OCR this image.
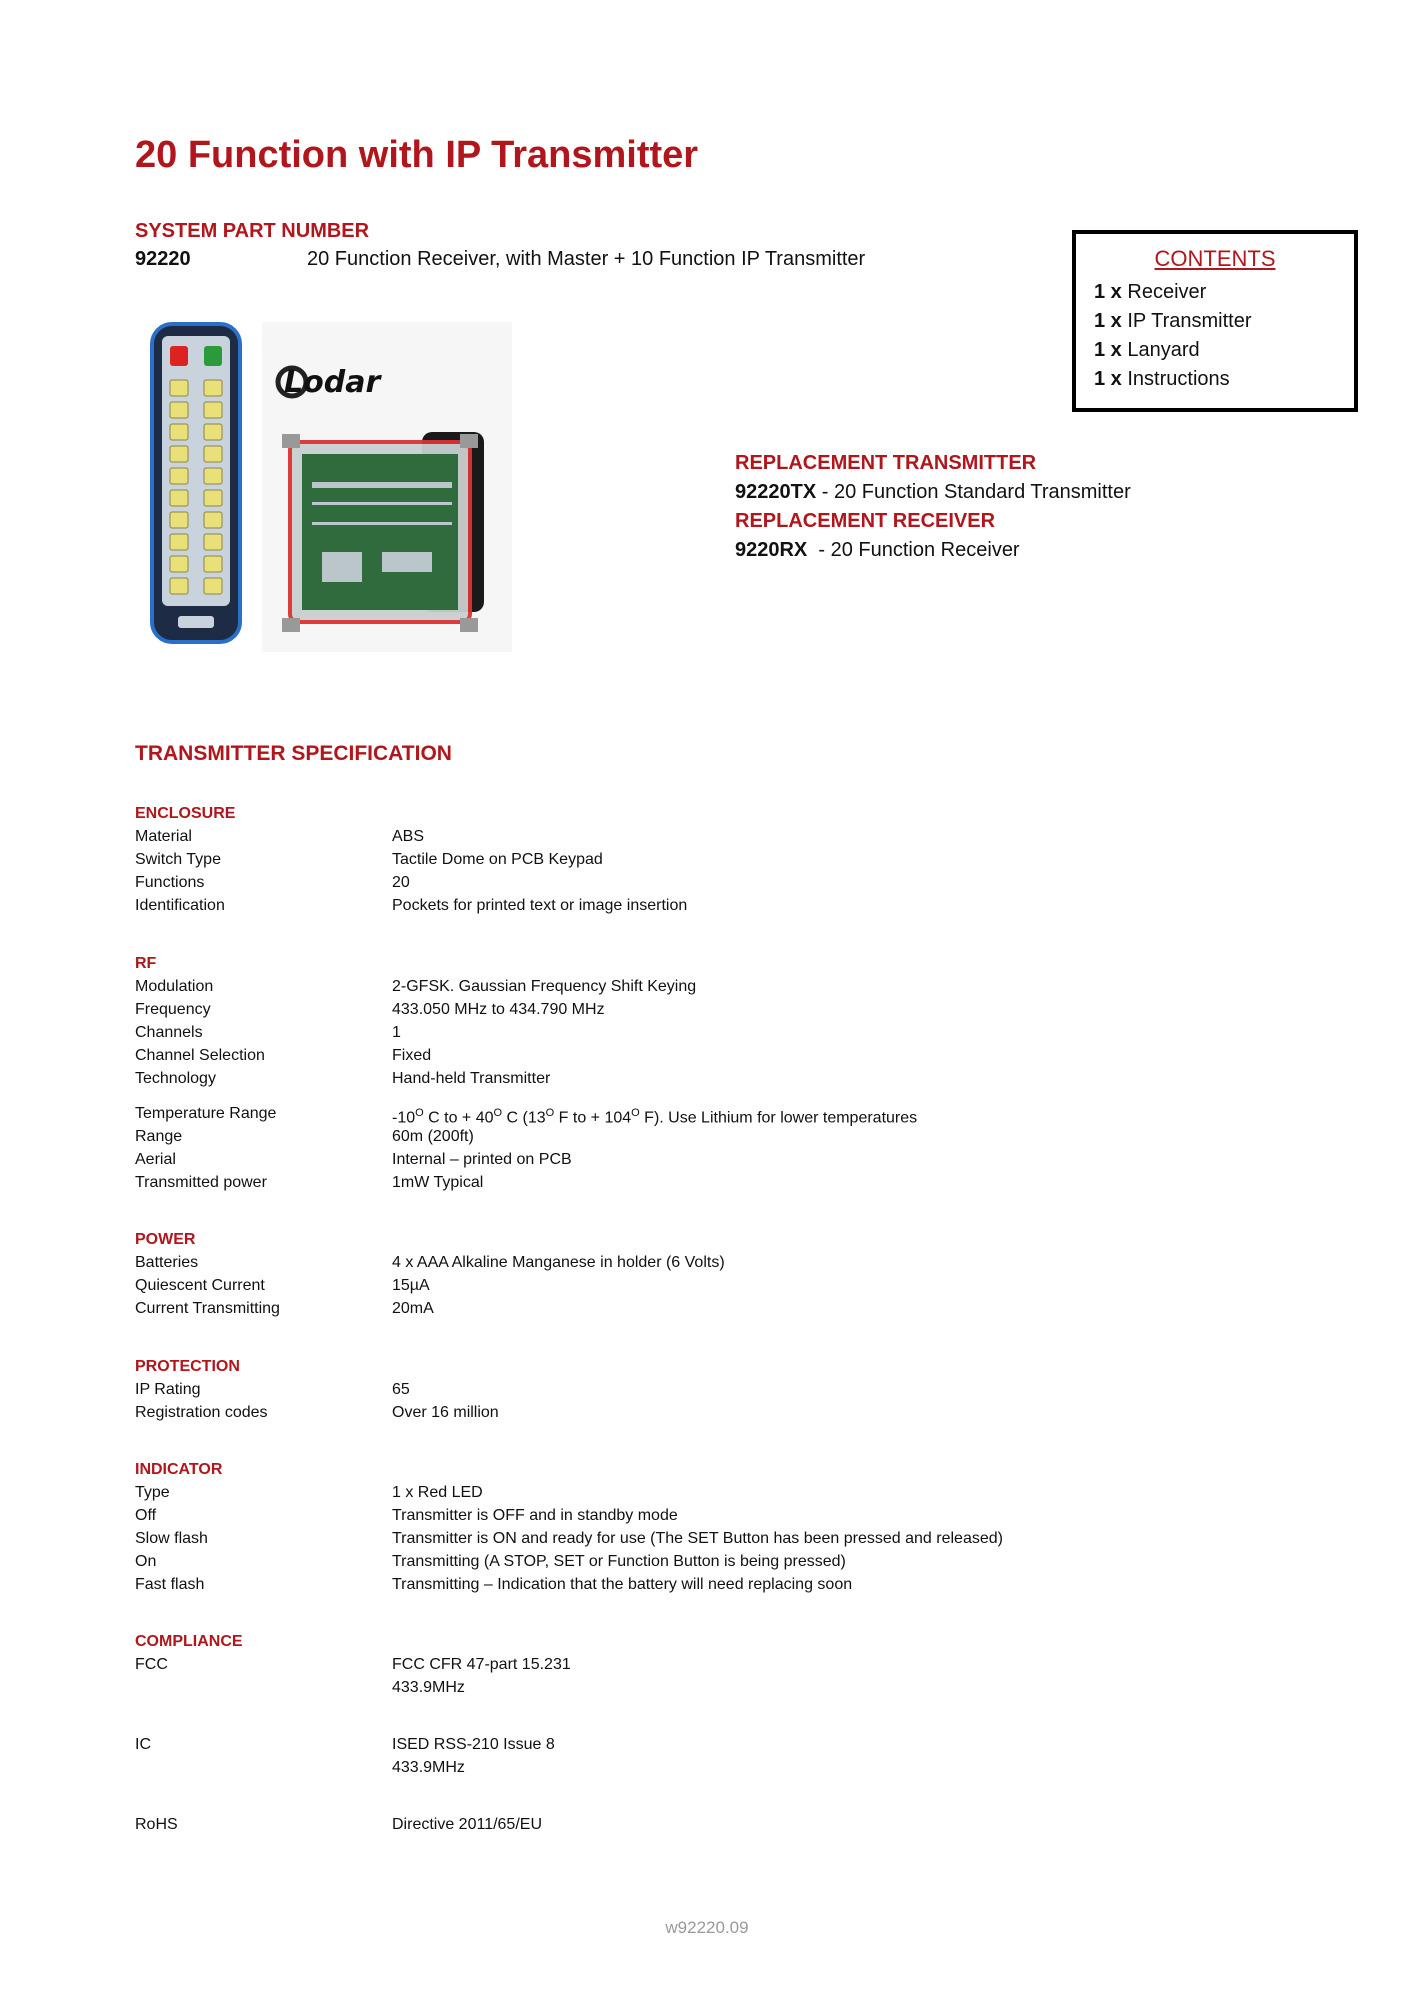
20 Function with IP Transmitter
SYSTEM PART NUMBER
92220	20 Function Receiver, with Master + 10 Function IP Transmitter	CONTENTS
1 x Receiver
1 x IP Transmitter
1 x Lanyard
1 x Instructions
Lodar
REPLACEMENT TRANSMITTER
92220TX - 20 Function Standard Transmitter
REPLACEMENT RECEIVER
9220RX  - 20 Function Receiver
TRANSMITTER SPECIFICATION
ENCLOSURE
Material	ABS
Switch Type	Tactile Dome on PCB Keypad
Functions	20
Identification	Pockets for printed text or image insertion
RF
Modulation	2-GFSK. Gaussian Frequency Shift Keying
Frequency	433.050 MHz to 434.790 MHz
Channels	1
Channel Selection	Fixed
Technology	Hand-held Transmitter
Temperature Range	$-10^O$ C to + $40^O$ C ($13^O$ F to + $104^O$ F). Use Lithium for lower temperatures
Range	60m (200ft)
Aerial	Internal – printed on PCB
Transmitted power	1mW Typical
POWER
Batteries	4 x AAA Alkaline Manganese in holder (6 Volts)
Quiescent Current	15µA
Current Transmitting	20mA
PROTECTION
IP Rating	65
Registration codes	Over 16 million
INDICATOR
Type	1 x Red LED
Off	Transmitter is OFF and in standby mode
Slow flash	Transmitter is ON and ready for use (The SET Button has been pressed and released)
On	Transmitting (A STOP, SET or Function Button is being pressed)
Fast flash	Transmitting – Indication that the battery will need replacing soon
COMPLIANCE
FCC	FCC CFR 47-part 15.231
433.9MHz
IC	ISED RSS-210 Issue 8
433.9MHz
RoHS	Directive 2011/65/EU
w92220.09
